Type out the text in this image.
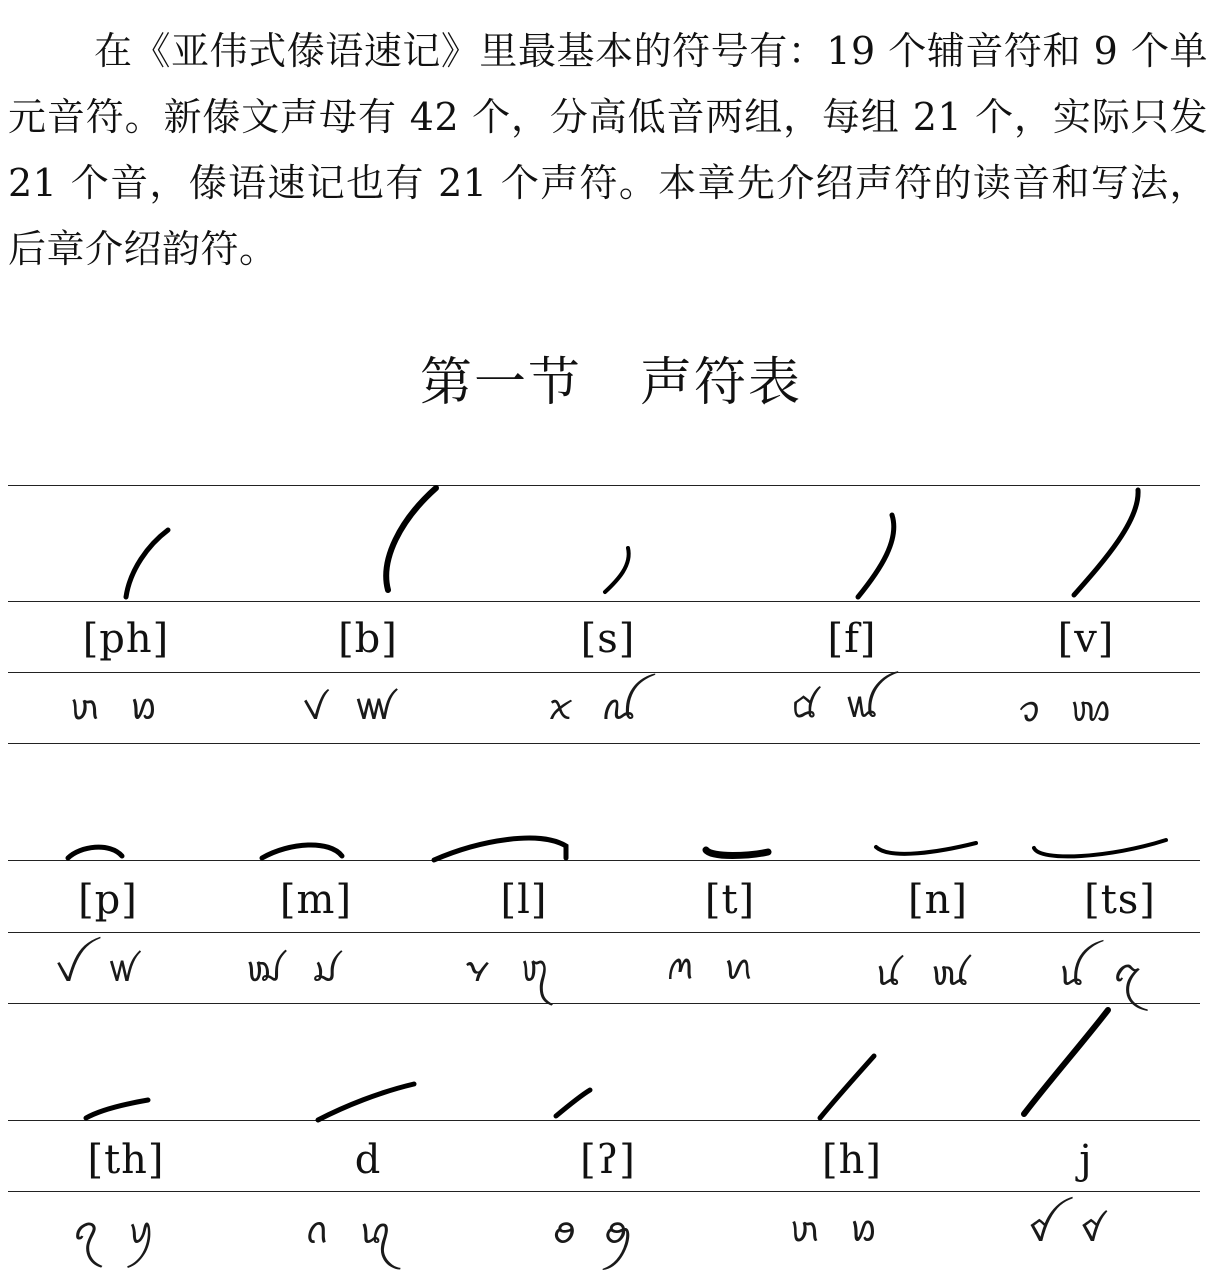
在《亚伟式傣语速记》里最基本的符号有：19 个辅音符和 9 个单元音符。新傣文声母有 42 个，分高低音两组，每组 21 个，实际只发 21 个音，傣语速记也有 21 个声符。本章先介绍声符的读音和写法，后章介绍韵符。

第一节 声符表
[ph]	[b]	[s]	[f]	[v]
ꪬ ꪭ	ꪚ ꪛ	ꪎ ꪏ	ꪠ ꪡ	ꪫ ꪪ
[p]	[m]	[l]	[t]	[n]	[ts]
ꪜ ꪝ	ꪢ ꪣ	ꪩ ꪨ	ꪔ ꪕ	ꪙ ꪘ	ꪊ ꪋ
[th]	d	[ʔ]	[h]	j
ꪖ ꪗ	ꪒ ꪓ	ꪮ ꪯ	ꪬ ꪭ	ꪤ ꪥ
